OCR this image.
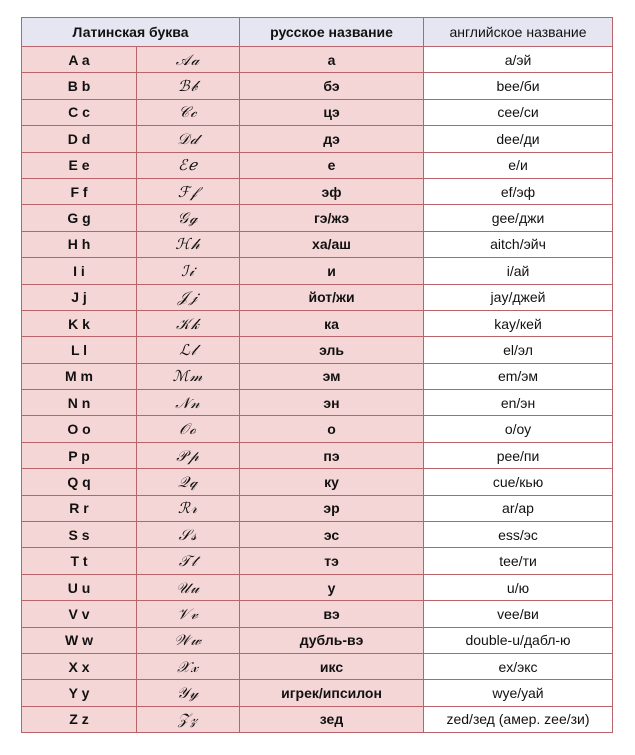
Латинская буква		русское название	английское название
A a	𝒜𝒶	а	a/эй
B b	ℬ𝒷	бэ	bee/би
C c	𝒞𝒸	цэ	cee/си
D d	𝒟𝒹	дэ	dee/ди
E e	ℰℯ	е	e/и
F f	ℱ𝒻	эф	ef/эф
G g	𝒢ℊ	гэ/жэ	gee/джи
H h	ℋ𝒽	ха/аш	aitch/эйч
I i	ℐ𝒾	и	i/ай
J j	𝒥𝒿	йот/жи	jay/джей
K k	𝒦𝓀	ка	kay/кей
L l	ℒ𝓁	эль	el/эл
M m	ℳ𝓂	эм	em/эм
N n	𝒩𝓃	эн	en/эн
O o	𝒪ℴ	о	o/оу
P p	𝒫𝓅	пэ	pee/пи
Q q	𝒬𝓆	ку	cue/кью
R r	ℛ𝓇	эр	ar/ар
S s	𝒮𝓈	эс	ess/эс
T t	𝒯𝓉	тэ	tee/ти
U u	𝒰𝓊	у	u/ю
V v	𝒱𝓋	вэ	vee/ви
W w	𝒲𝓌	дубль-вэ	double-u/дабл-ю
X x	𝒳𝓍	икс	ex/экс
Y y	𝒴𝓎	игрек/ипсилон	wye/уай
Z z	𝒵𝓏	зед	zed/зед (амер. zee/зи)
